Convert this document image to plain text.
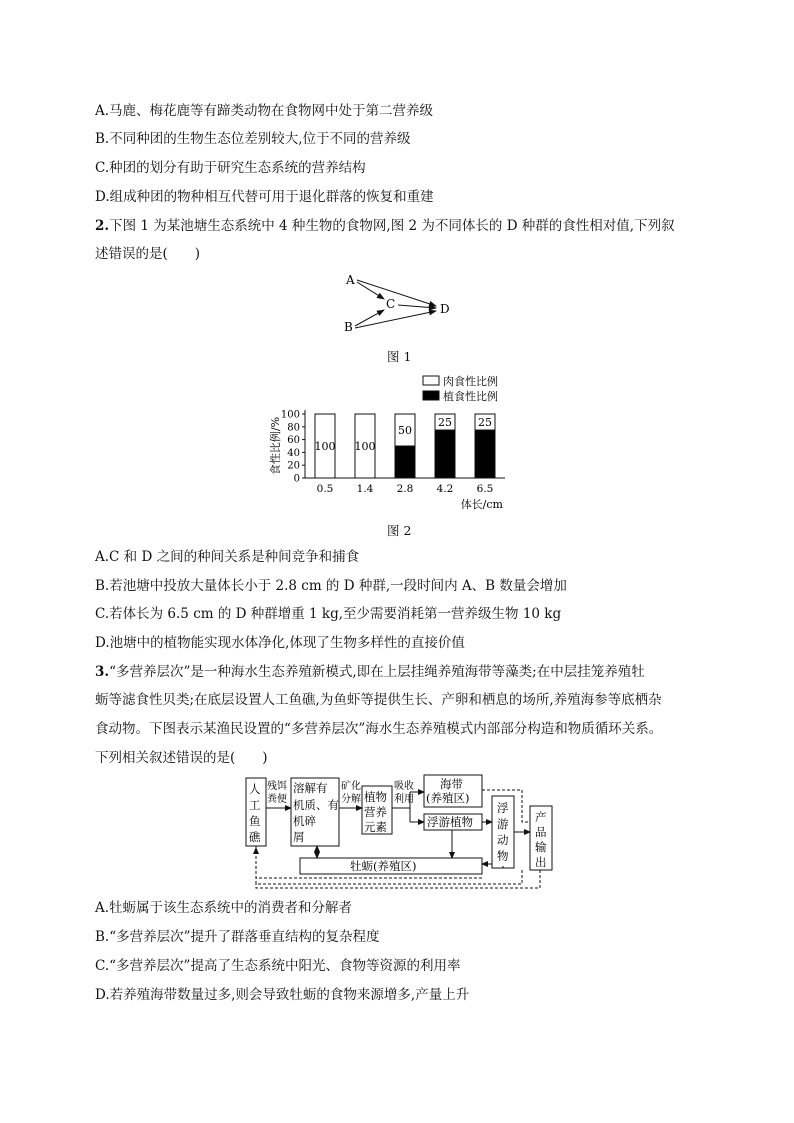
A.马鹿、梅花鹿等有蹄类动物在食物网中处于第二营养级
B.不同种团的生物生态位差别较大,位于不同的营养级
C.种团的划分有助于研究生态系统的营养结构
D.组成种团的物种相互代替可用于退化群落的恢复和重建
2.下图 1 为某池塘生态系统中 4 种生物的食物网,图 2 为不同体长的 D 种群的食性相对值,下列叙
述错误的是(　　)
A
B
C	D
图 1
肉食性比例
植食性比例
0
20
40
60
80
100
食性比例/%	100
0.5
100
1.4
50
2.8
25
4.2
25
6.5
体长/cm
图 2
A.C 和 D 之间的种间关系是种间竞争和捕食
B.若池塘中投放大量体长小于 2.8 cm 的 D 种群,一段时间内 A、B 数量会增加
C.若体长为 6.5 cm 的 D 种群增重 1 kg,至少需要消耗第一营养级生物 10 kg
D.池塘中的植物能实现水体净化,体现了生物多样性的直接价值
3.“多营养层次”是一种海水生态养殖新模式,即在上层挂绳养殖海带等藻类;在中层挂笼养殖牡
蛎等滤食性贝类;在底层设置人工鱼礁,为鱼虾等提供生长、产卵和栖息的场所,养殖海参等底栖杂
食动物。下图表示某渔民设置的“多营养层次”海水生态养殖模式内部部分构造和物质循环关系。
下列相关叙述错误的是(　　)
人
工
鱼
礁
残饵
粪便
溶解有
机质、有
机碎
屑
矿化
分解 植物
营养
元素
吸收
利用
海带
(养殖区)
浮游植物
浮
游
动
物
产
品
输
出
牡蛎(养殖区)
A.牡蛎属于该生态系统中的消费者和分解者
B.“多营养层次”提升了群落垂直结构的复杂程度
C.“多营养层次”提高了生态系统中阳光、食物等资源的利用率
D.若养殖海带数量过多,则会导致牡蛎的食物来源增多,产量上升
